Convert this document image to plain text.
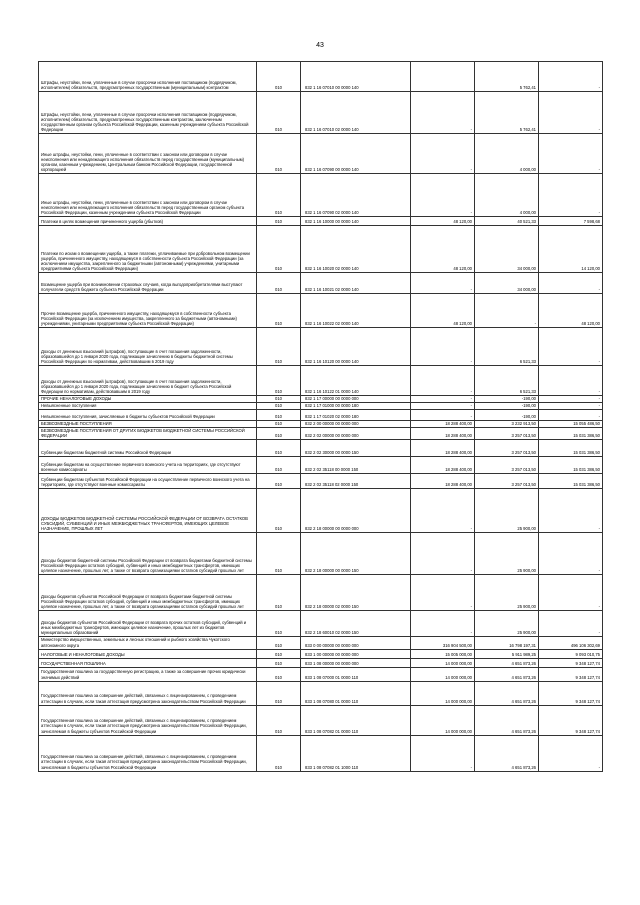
43
Штрафы, неустойки, пени, уплаченные в случае просрочки исполнения поставщиком (подрядчиком, исполнителем) обязательств, предусмотренных государственным (муниципальным) контрактом	010	832 1 16 07010 00 0000 140		5 762,41	-
Штрафы, неустойки, пени, уплаченные в случае просрочки исполнения поставщиком (подрядчиком, исполнителем) обязательств, предусмотренных государственным контрактом, заключенным государственным органом субъекта Российской Федерации, казенным учреждением субъекта Российской Федерации	010	832 1 16 07010 02 0000 140	-	5 762,41	-
Иные штрафы, неустойки, пени, уплаченные в соответствии с законом или договором в случае неисполнения или ненадлежащего исполнения обязательств перед государственным (муниципальным) органом, казенным учреждением, Центральным банком Российской Федерации, государственной корпорацией	010	832 1 16 07090 00 0000 140	-	4 000,00	-
Иные штрафы, неустойки, пени, уплаченные в соответствии с законом или договором в случае неисполнения или ненадлежащего исполнения обязательств перед государственным органом субъекта Российской Федерации, казенным учреждением субъекта Российской Федерации	010	832 1 16 07090 02 0000 140	-	4 000,00	-
Платежи в целях возмещения причиненного ущерба (убытков)	010	832 1 16 10000 00 0000 140	48 120,00	40 521,33	7 598,68
Платежи по искам о возмещении ущерба, а также платежи, уплачиваемые при добровольном возмещении ущерба, причиненного имуществу, находящемуся в собственности субъекта Российской Федерации (за исключением имущества, закрепленного за бюджетными (автономными) учреждениями, унитарными предприятиями субъекта Российской Федерации)	010	832 1 16 10020 02 0000 140	48 120,00	34 000,00	14 120,00
Возмещение ущерба при возникновении страховых случаев, когда выгодоприобретателями выступают получатели средств бюджета субъекта Российской Федерации	010	832 1 16 10021 02 0000 140	-	34 000,00	-
Прочее возмещение ущерба, причиненного имуществу, находящемуся в собственности субъекта Российской Федерации (за исключением имущества, закрепленного за бюджетными (автономными) учреждениями, унитарными предприятиями субъекта Российской Федерации)	010	832 1 16 10022 02 0000 140	48 120,00	-	48 120,00
Доходы от денежных взысканий (штрафов), поступающие в счет погашения задолженности, образовавшейся до 1 января 2020 года, подлежащие зачислению в бюджеты бюджетной системы Российской Федерации по нормативам, действовавшим в 2019 году	010	832 1 16 10120 00 0000 140	-	6 521,33	-
Доходы от денежных взысканий (штрафов), поступающие в счет погашения задолженности, образовавшейся до 1 января 2020 года, подлежащие зачислению в бюджет субъекта Российской Федерации по нормативам, действовавшим в 2019 году	010	832 1 16 10122 01 0000 140	-	6 521,33	-
ПРОЧИЕ НЕНАЛОГОВЫЕ ДОХОДЫ	010	832 1 17 00000 00 0000 000	-	-190,00	-
Невыясненные поступления	010	832 1 17 01000 00 0000 180	-	-190,00	-
Невыясненные поступления, зачисляемые в бюджеты субъектов Российской Федерации	010	832 1 17 01020 02 0000 180	-	-190,00	-
БЕЗВОЗМЕЗДНЫЕ ПОСТУПЛЕНИЯ	010	832 2 00 00000 00 0000 000	18 288 400,00	3 232 913,50	15 055 486,50
БЕЗВОЗМЕЗДНЫЕ ПОСТУПЛЕНИЯ ОТ ДРУГИХ БЮДЖЕТОВ БЮДЖЕТНОЙ СИСТЕМЫ РОССИЙСКОЙ ФЕДЕРАЦИИ	010	832 2 02 00000 00 0000 000	18 288 400,00	3 257 013,50	15 031 386,50
Субвенции бюджетам бюджетной системы Российской Федерации	010	832 2 02 30000 00 0000 150	18 288 400,00	3 257 013,50	15 031 386,50
Субвенции бюджетам на осуществление первичного воинского учета на территориях, где отсутствуют военные комиссариаты	010	832 2 02 35118 00 0000 150	18 288 400,00	3 257 013,50	15 031 386,50
Субвенции бюджетам субъектов Российской Федерации на осуществление первичного воинского учета на территориях, где отсутствуют военные комиссариаты	010	832 2 02 35118 02 0000 150	18 288 400,00	3 257 013,50	15 031 386,50
ДОХОДЫ БЮДЖЕТОВ БЮДЖЕТНОЙ СИСТЕМЫ РОССИЙСКОЙ ФЕДЕРАЦИИ ОТ ВОЗВРАТА ОСТАТКОВ СУБСИДИЙ, СУБВЕНЦИЙ И ИНЫХ МЕЖБЮДЖЕТНЫХ ТРАНСФЕРТОВ, ИМЕЮЩИХ ЦЕЛЕВОЕ НАЗНАЧЕНИЕ, ПРОШЛЫХ ЛЕТ	010	832 2 18 00000 00 0000 000	-	25 900,00	-
Доходы бюджетов бюджетной системы Российской Федерации от возврата бюджетами бюджетной системы Российской Федерации остатков субсидий, субвенций и иных межбюджетных трансфертов, имеющих целевое назначение, прошлых лет, а также от возврата организациями остатков субсидий прошлых лет	010	832 2 18 00000 00 0000 150	-	25 900,00	-
Доходы бюджетов субъектов Российской Федерации от возврата бюджетами бюджетной системы Российской Федерации остатков субсидий, субвенций и иных межбюджетных трансфертов, имеющих целевое назначение, прошлых лет, а также от возврата организациями остатков субсидий прошлых лет	010	832 2 18 00000 02 0000 150	-	25 900,00	-
Доходы бюджетов субъектов Российской Федерации от возврата прочих остатков субсидий, субвенций и иных межбюджетных трансфертов, имеющих целевое назначение, прошлых лет из бюджетов муниципальных образований	010	832 2 18 60010 02 0000 150	-	25 900,00	-
Министерство имущественных, земельных и лесных отношений и рыбного хозяйства Чукотского автономного округа	010	833 0 00 00000 00 0000 000	316 904 500,00	16 798 197,31	496 106 302,69
НАЛОГОВЫЕ И НЕНАЛОГОВЫЕ ДОХОДЫ	010	833 1 00 00000 00 0000 000	15 005 000,00	5 911 989,25	9 093 010,75
ГОСУДАРСТВЕННАЯ ПОШЛИНА	010	833 1 08 00000 00 0000 000	14 000 000,00	4 651 873,26	9 348 127,74
Государственная пошлина за государственную регистрацию, а также за совершение прочих юридически значимых действий	010	833 1 08 07000 01 0000 110	14 000 000,00	4 651 873,26	9 348 127,74
Государственная пошлина за совершение действий, связанных с лицензированием, с проведением аттестации в случаях, если такая аттестация предусмотрена законодательством Российской Федерации	010	833 1 08 07080 01 0000 110	14 000 000,00	4 651 873,26	9 348 127,74
Государственная пошлина за совершение действий, связанных с лицензированием, с проведением аттестации в случаях, если такая аттестация предусмотрена законодательством Российской Федерации, зачисляемая в бюджеты субъектов Российской Федерации	010	833 1 08 07082 01 0000 110	14 000 000,00	4 651 873,26	9 348 127,74
Государственная пошлина за совершение действий, связанных с лицензированием, с проведением аттестации в случаях, если такая аттестация предусмотрена законодательством Российской Федерации, зачисляемая в бюджеты субъектов Российской Федерации	010	833 1 08 07082 01 1000 110	-	4 651 873,26	-
